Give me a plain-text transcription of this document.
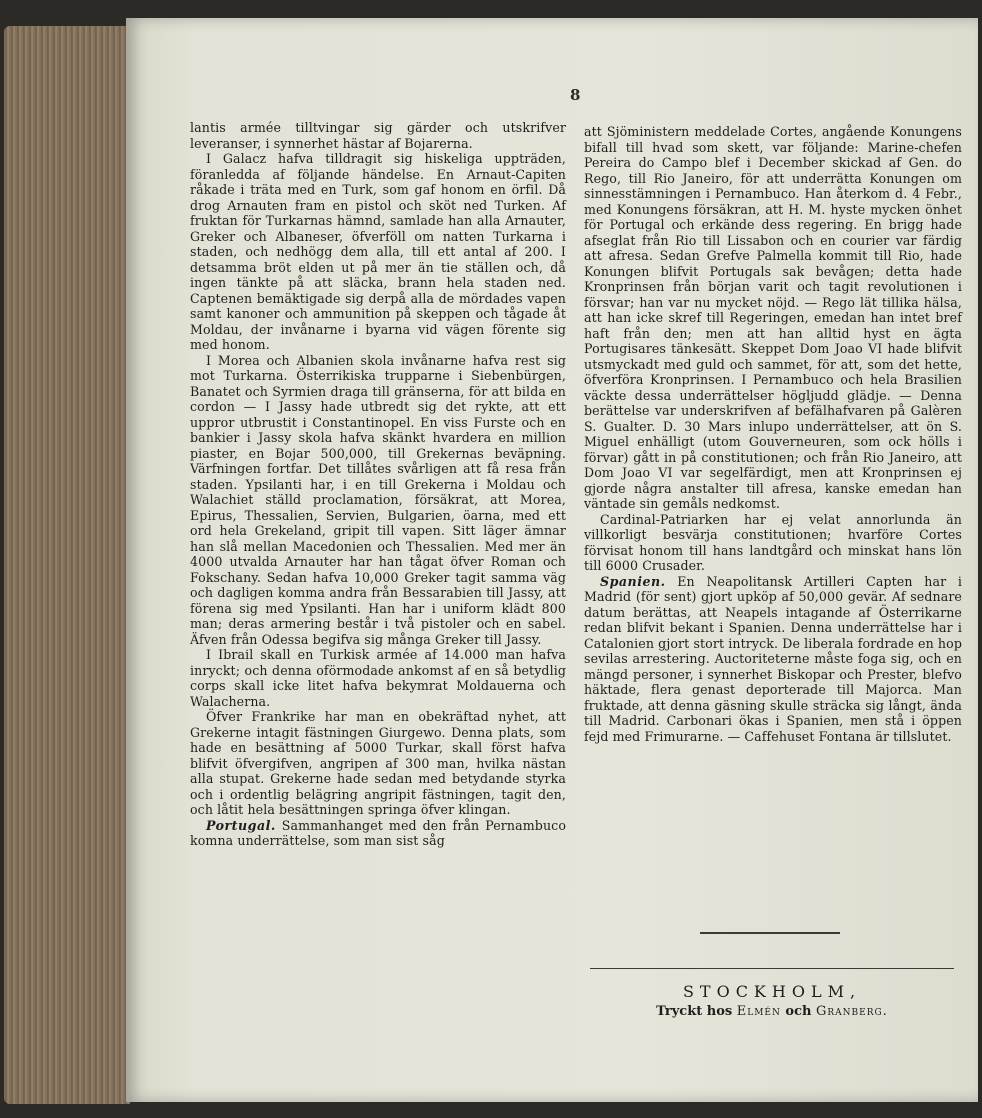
8

lantis armée tilltvingar sig gärder och utskrifver leveranser, i synnerhet hästar af Bojarerna.

I Galacz hafva tilldragit sig hiskeliga uppträden, föranledda af följande händelse. En Arnaut-Capiten råkade i träta med en Turk, som gaf honom en örfil. Då drog Arnauten fram en pistol och sköt ned Turken. Af fruktan för Turkarnas hämnd, samlade han alla Arnauter, Greker och Albaneser, öfverföll om natten Turkarna i staden, och nedhögg dem alla, till ett antal af 200. I detsamma bröt elden ut på mer än tie ställen och, då ingen tänkte på att släcka, brann hela staden ned. Captenen bemäktigade sig derpå alla de mördades vapen samt kanoner och ammunition på skeppen och tågade åt Moldau, der invånarne i byarna vid vägen förente sig med honom.

I Morea och Albanien skola invånarne hafva rest sig mot Turkarna. Österrikiska trupparne i Siebenbürgen, Banatet och Syrmien draga till gränserna, för att bilda en cordon — I Jassy hade utbredt sig det rykte, att ett uppror utbrustit i Constantinopel. En viss Furste och en bankier i Jassy skola hafva skänkt hvardera en million piaster, en Bojar 500,000, till Grekernas beväpning. Värfningen fortfar. Det tillåtes svårligen att få resa från staden. Ypsilanti har, i en till Grekerna i Moldau och Walachiet ställd proclamation, försäkrat, att Morea, Epirus, Thessalien, Servien, Bulgarien, öarna, med ett ord hela Grekeland, gripit till vapen. Sitt läger ämnar han slå mellan Macedonien och Thessalien. Med mer än 4000 utvalda Arnauter har han tågat öfver Roman och Fokschany. Sedan hafva 10,000 Greker tagit samma väg och dagligen komma andra från Bessarabien till Jassy, att förena sig med Ypsilanti. Han har i uniform klädt 800 man; deras armering består i två pistoler och en sabel. Äfven från Odessa begifva sig många Greker till Jassy.

I Ibrail skall en Turkisk armée af 14.000 man hafva inryckt; och denna oförmodade ankomst af en så betydlig corps skall icke litet hafva bekymrat Moldauerna och Walacherna.

Öfver Frankrike har man en obekräftad nyhet, att Grekerne intagit fästningen Giurgewo. Denna plats, som hade en besättning af 5000 Turkar, skall först hafva blifvit öfvergifven, angripen af 300 man, hvilka nästan alla stupat. Grekerne hade sedan med betydande styrka och i ordentlig belägring angripit fästningen, tagit den, och låtit hela besättningen springa öfver klingan.

Portugal. Sammanhanget med den från Pernambuco komna underrättelse, som man sist såg

att Sjöministern meddelade Cortes, angående Konungens bifall till hvad som skett, var följande: Marine-chefen Pereira do Campo blef i December skickad af Gen. do Rego, till Rio Janeiro, för att underrätta Konungen om sinnesstämningen i Pernambuco. Han återkom d. 4 Febr., med Konungens försäkran, att H. M. hyste mycken önhet för Portugal och erkände dess regering. En brigg hade afseglat från Rio till Lissabon och en courier var färdig att afresa. Sedan Grefve Palmella kommit till Rio, hade Konungen blifvit Portugals sak bevågen; detta hade Kronprinsen från början varit och tagit revolutionen i försvar; han var nu mycket nöjd. — Rego lät tillika hälsa, att han icke skref till Regeringen, emedan han intet bref haft från den; men att han alltid hyst en ägta Portugisares tänkesätt. Skeppet Dom Joao VI hade blifvit utsmyckadt med guld och sammet, för att, som det hette, öfverföra Kronprinsen. I Pernambuco och hela Brasilien väckte dessa underrättelser högljudd glädje. — Denna berättelse var underskrifven af befälhafvaren på Galèren S. Gualter. D. 30 Mars inlupo underrättelser, att ön S. Miguel enhälligt (utom Gouverneuren, som ock hölls i förvar) gått in på constitutionen; och från Rio Janeiro, att Dom Joao VI var segelfärdigt, men att Kronprinsen ej gjorde några anstalter till afresa, kanske emedan han väntade sin gemåls nedkomst.

Cardinal-Patriarken har ej velat annorlunda än villkorligt besvärja constitutionen; hvarföre Cortes förvisat honom till hans landtgård och minskat hans lön till 6000 Crusader.

Spanien. En Neapolitansk Artilleri Capten har i Madrid (för sent) gjort upköp af 50,000 gevär. Af sednare datum berättas, att Neapels intagande af Österrikarne redan blifvit bekant i Spanien. Denna underrättelse har i Catalonien gjort stort intryck. De liberala fordrade en hop sevilas arrestering. Auctoriteterne måste foga sig, och en mängd personer, i synnerhet Biskopar och Prester, blefvo häktade, flera genast deporterade till Majorca. Man fruktade, att denna gäsning skulle sträcka sig långt, ända till Madrid. Carbonari ökas i Spanien, men stå i öppen fejd med Frimurarne. — Caffehuset Fontana är tillslutet.

STOCKHOLM,
Tryckt hos Elmén och Granberg.
